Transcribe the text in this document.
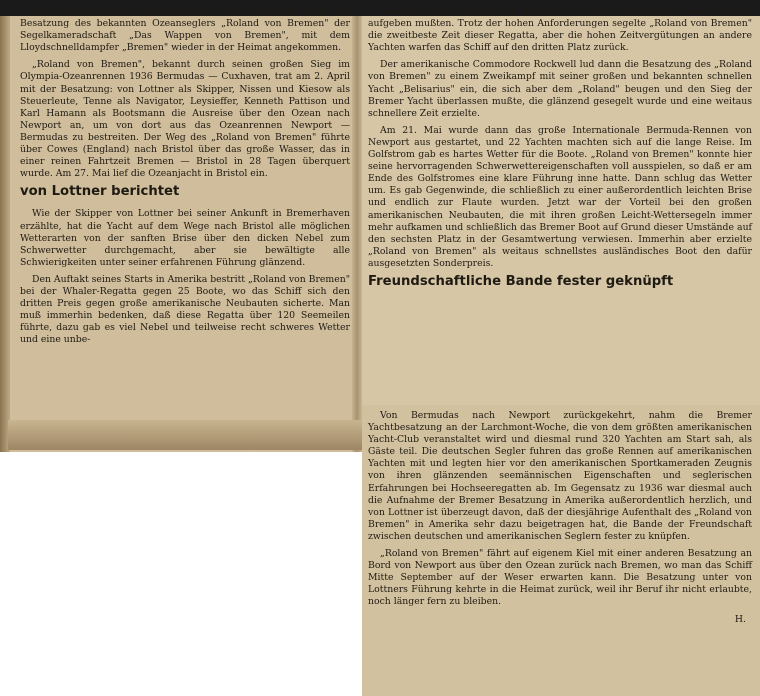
Nach dreimonatiger Abwesenheit ist heute, Dienstag, früh, die Besatzung des bekannten Ozeanseglers „Roland von Bremen" der Segelkameradschaft „Das Wappen von Bremen", mit dem Lloydschnelldampfer „Bremen" wieder in der Heimat angekommen.

„Roland von Bremen", bekannt durch seinen großen Sieg im Olympia-Ozeanrennen 1936 Bermudas — Cuxhaven, trat am 2. April mit der Besatzung: von Lottner als Skipper, Nissen und Kiesow als Steuerleute, Tenne als Navigator, Leysieffer, Kenneth Pattison und Karl Hamann als Bootsmann die Ausreise über den Ozean nach Newport an, um von dort aus das Ozeanrennen Newport — Bermudas zu bestreiten. Der Weg des „Roland von Bremen" führte über Cowes (England) nach Bristol über das große Wasser, das in einer reinen Fahrtzeit Bremen — Bristol in 28 Tagen überquert wurde. Am 27. Mai lief die Ozeanjacht in Bristol ein.

von Lottner berichtet

Wie der Skipper von Lottner bei seiner Ankunft in Bremerhaven erzählte, hat die Yacht auf dem Wege nach Bristol alle möglichen Wetterarten von der sanften Brise über den dicken Nebel zum Schwerwetter durchgemacht, aber sie bewältigte alle Schwierigkeiten unter seiner erfahrenen Führung glänzend.

Den Auftakt seines Starts in Amerika bestritt „Roland von Bremen" bei der Whaler-Regatta gegen 25 Boote, wo das Schiff sich den dritten Preis gegen große amerikanische Neubauten sicherte. Man muß immerhin bedenken, daß diese Regatta über 120 Seemeilen führte, dazu gab es viel Nebel und teilweise recht schweres Wetter und eine unbe-

kannte starke Strömung, so daß selbst von den Amerikanern viele Yachten aufgeben mußten. Trotz der hohen Anforderungen segelte „Roland von Bremen" die zweitbeste Zeit dieser Regatta, aber die hohen Zeitvergütungen an andere Yachten warfen das Schiff auf den dritten Platz zurück.

Der amerikanische Commodore Rockwell lud dann die Besatzung des „Roland von Bremen" zu einem Zweikampf mit seiner großen und bekannten schnellen Yacht „Belisarius" ein, die sich aber dem „Roland" beugen und den Sieg der Bremer Yacht überlassen mußte, die glänzend gesegelt wurde und eine weitaus schnellere Zeit erzielte.

Am 21. Mai wurde dann das große Internationale Bermuda-Rennen von Newport aus gestartet, und 22 Yachten machten sich auf die lange Reise. Im Golfstrom gab es hartes Wetter für die Boote. „Roland von Bremen" konnte hier seine hervorragenden Schwerwettereigenschaften voll ausspielen, so daß er am Ende des Golfstromes eine klare Führung inne hatte. Dann schlug das Wetter um. Es gab Gegenwinde, die schließlich zu einer außerordentlich leichten Brise und endlich zur Flaute wurden. Jetzt war der Vorteil bei den großen amerikanischen Neubauten, die mit ihren großen Leicht-Wettersegeln immer mehr aufkamen und schließlich das Bremer Boot auf Grund dieser Umstände auf den sechsten Platz in der Gesamtwertung verwiesen. Immerhin aber erzielte „Roland von Bremen" als weitaus schnellstes ausländisches Boot den dafür ausgesetzten Sonderpreis.

Freundschaftliche Bande fester geknüpft

Von Bermudas nach Newport zurückgekehrt, nahm die Bremer Yachtbesatzung an der Larchmont-Woche, die von dem größten amerikanischen Yacht-Club veranstaltet wird und diesmal rund 320 Yachten am Start sah, als Gäste teil. Die deutschen Segler fuhren das große Rennen auf amerikanischen Yachten mit und legten hier vor den amerikanischen Sportkameraden Zeugnis von ihren glänzenden seemännischen Eigenschaften und seglerischen Erfahrungen bei Hochseeregatten ab. Im Gegensatz zu 1936 war diesmal auch die Aufnahme der Bremer Besatzung in Amerika außerordentlich herzlich, und von Lottner ist überzeugt davon, daß der diesjährige Aufenthalt des „Roland von Bremen" in Amerika sehr dazu beigetragen hat, die Bande der Freundschaft zwischen deutschen und amerikanischen Seglern fester zu knüpfen.

„Roland von Bremen" fährt auf eigenem Kiel mit einer anderen Besatzung an Bord von Newport aus über den Ozean zurück nach Bremen, wo man das Schiff Mitte September auf der Weser erwarten kann. Die Besatzung unter von Lottners Führung kehrte in die Heimat zurück, weil ihr Beruf ihr nicht erlaubte, noch länger fern zu bleiben.

H.
